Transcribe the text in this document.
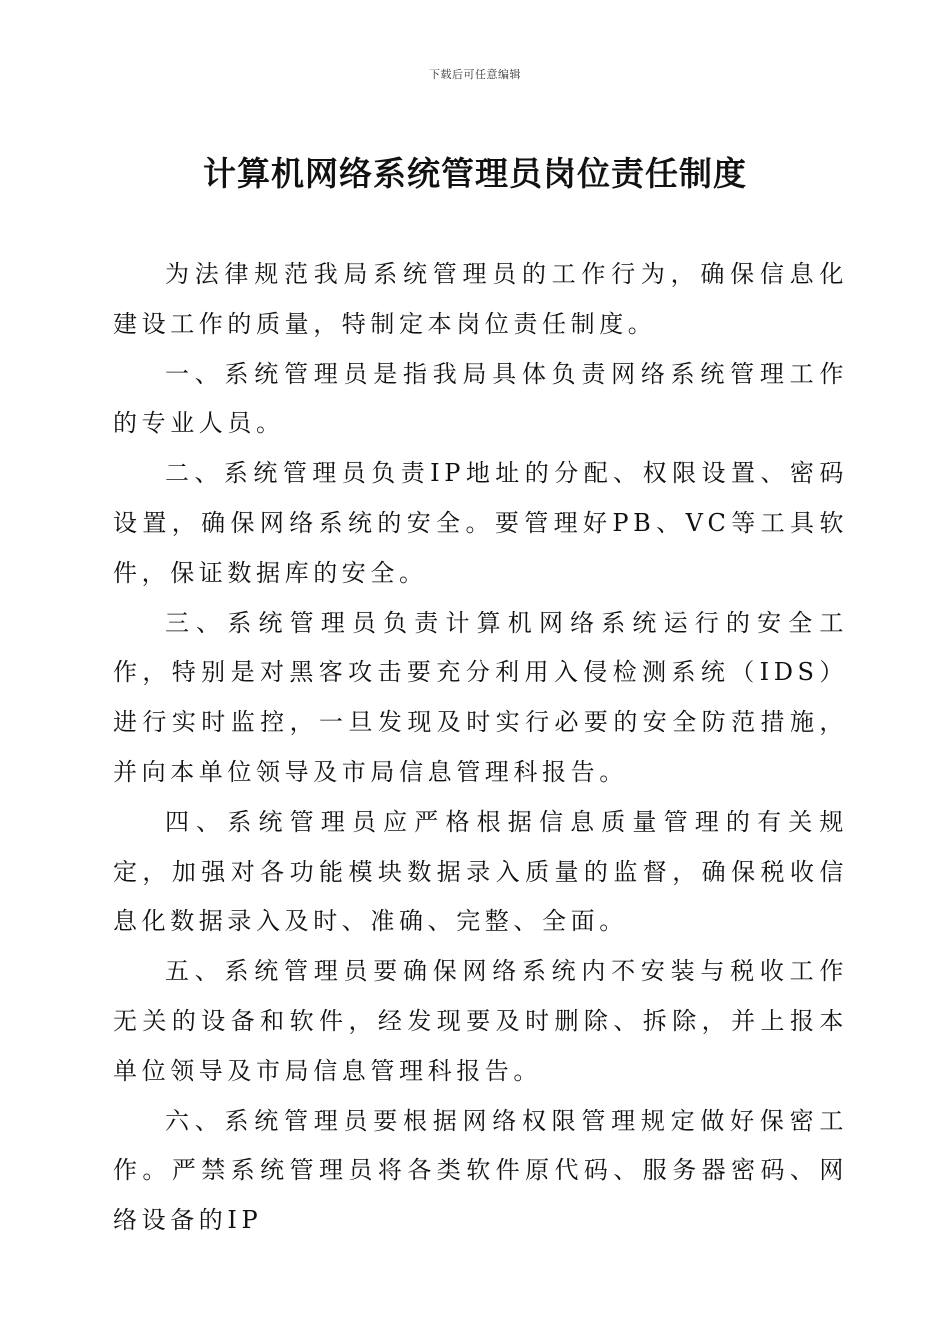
下载后可任意编辑
计算机网络系统管理员岗位责任制度

为法律规范我局系统管理员的工作行为，确保信息化建设工作的质量，特制定本岗位责任制度。

一、系统管理员是指我局具体负责网络系统管理工作的专业人员。

二、系统管理员负责IP地址的分配、权限设置、密码设置，确保网络系统的安全。要管理好PB、VC等工具软件，保证数据库的安全。

三、系统管理员负责计算机网络系统运行的安全工作，特别是对黑客攻击要充分利用入侵检测系统（IDS）进行实时监控，一旦发现及时实行必要的安全防范措施，并向本单位领导及市局信息管理科报告。

四、系统管理员应严格根据信息质量管理的有关规定，加强对各功能模块数据录入质量的监督，确保税收信息化数据录入及时、准确、完整、全面。

五、系统管理员要确保网络系统内不安装与税收工作无关的设备和软件，经发现要及时删除、拆除，并上报本单位领导及市局信息管理科报告。

六、系统管理员要根据网络权限管理规定做好保密工作。严禁系统管理员将各类软件原代码、服务器密码、网络设备的IP
